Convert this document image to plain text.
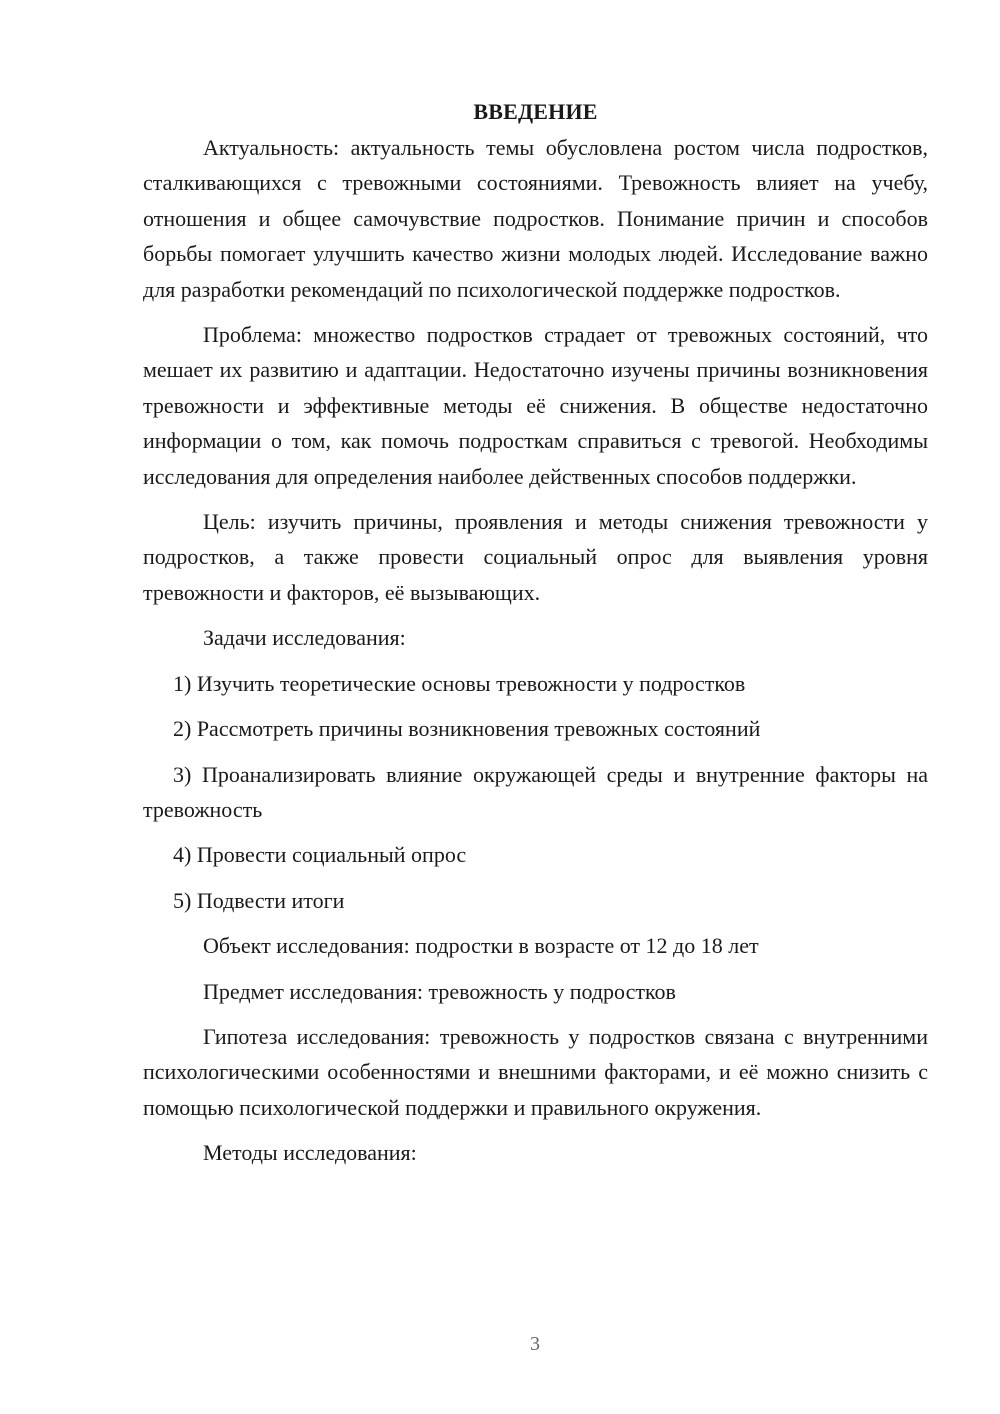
ВВЕДЕНИЕ

Актуальность: актуальность темы обусловлена ростом числа подростков, сталкивающихся с тревожными состояниями. Тревожность влияет на учебу, отношения и общее самочувствие подростков. Понимание причин и способов борьбы помогает улучшить качество жизни молодых людей. Исследование важно для разработки рекомендаций по психологической поддержке подростков.

Проблема: множество подростков страдает от тревожных состояний, что мешает их развитию и адаптации. Недостаточно изучены причины возникновения тревожности и эффективные методы её снижения. В обществе недостаточно информации о том, как помочь подросткам справиться с тревогой. Необходимы исследования для определения наиболее действенных способов поддержки.

Цель: изучить причины, проявления и методы снижения тревожности у подростков, а также провести социальный опрос для выявления уровня тревожности и факторов, её вызывающих.

Задачи исследования:

1) Изучить теоретические основы тревожности у подростков

2) Рассмотреть причины возникновения тревожных состояний

3) Проанализировать влияние окружающей среды и внутренние факторы на тревожность

4) Провести социальный опрос

5) Подвести итоги

Объект исследования: подростки в возрасте от 12 до 18 лет

Предмет исследования: тревожность у подростков

Гипотеза исследования: тревожность у подростков связана с внутренними психологическими особенностями и внешними факторами, и её можно снизить с помощью психологической поддержки и правильного окружения.

Методы исследования:

3
